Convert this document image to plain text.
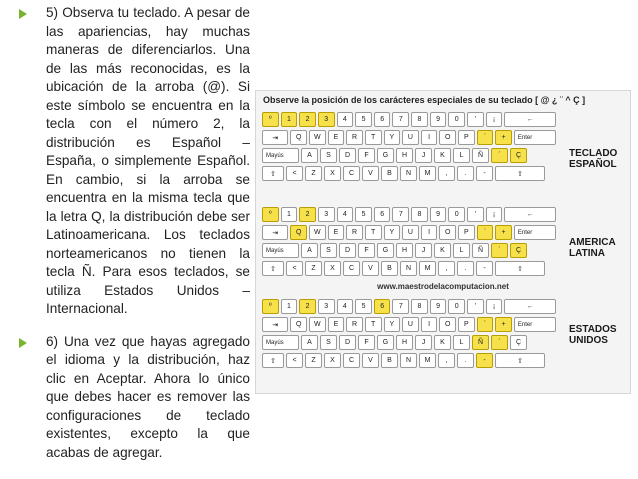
5) Observa tu teclado. A pesar de las apariencias, hay muchas maneras de diferenciarlos. Una de las más reconocidas, es la ubicación de la arroba (@). Si este símbolo se encuentra en la tecla con el número 2, la distribución es Español – España, o simplemente Español. En cambio, si la arroba se encuentra en la misma tecla que la letra Q, la distribución debe ser Latinoamericana. Los teclados norteamericanos no tienen la tecla Ñ. Para esos teclados, se utiliza Estados Unidos – Internacional.
6) Una vez que hayas agregado el idioma y la distribución, haz clic en Aceptar. Ahora lo único que debes hacer es remover las configuraciones de teclado existentes, excepto la que acabas de agregar.
Observe la posición de los carácteres especiales de su teclado [ @ ¿ ¨ ^ Ç ]
º	1	2	3	4	5	6	7	8	9	0	'	¡	←
⇥	Q	W	E	R	T	Y	U	I	O	P	`	+	Enter
Mayús	A	S	D	F	G	H	J	K	L	Ñ	´	Ç
⇧	<	Z	X	C	V	B	N	M	,	.	-	⇧
TECLADO ESPAÑOL
º	1	2	3	4	5	6	7	8	9	0	'	¡	←
⇥	Q	W	E	R	T	Y	U	I	O	P	`	+	Enter
Mayús	A	S	D	F	G	H	J	K	L	Ñ	´	Ç
⇧	<	Z	X	C	V	B	N	M	,	.	-	⇧
AMERICA LATINA
www.maestrodelacomputacion.net
º	1	2	3	4	5	6	7	8	9	0	'	¡	←
⇥	Q	W	E	R	T	Y	U	I	O	P	`	+	Enter
Mayús	A	S	D	F	G	H	J	K	L	Ñ	´	Ç
⇧	<	Z	X	C	V	B	N	M	,	.	-	⇧
ESTADOS UNIDOS
